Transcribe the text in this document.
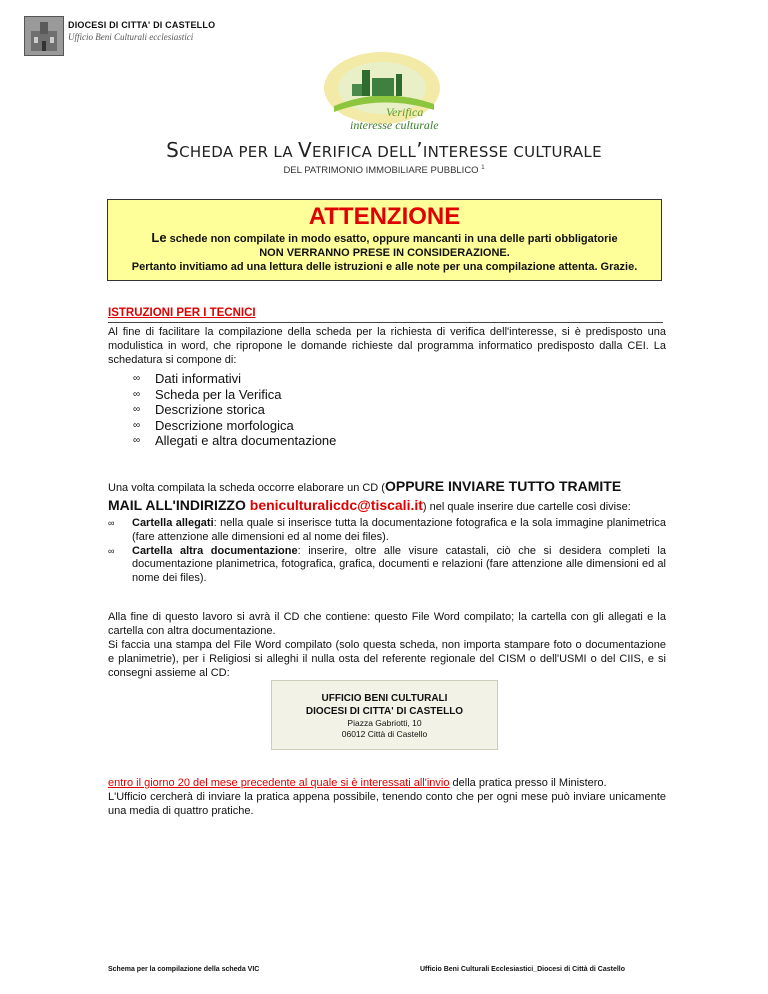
DIOCESI DI CITTA' DI CASTELLO
Ufficio Beni Culturali ecclesiastici
Verifica
interesse culturale
SCHEDA PER LA VERIFICA DELL’INTERESSE CULTURALE
DEL PATRIMONIO IMMOBILIARE PUBBLICO $^1$
ATTENZIONE
Le schede non compilate in modo esatto, oppure mancanti in una delle parti obbligatorie
NON VERRANNO PRESE IN CONSIDERAZIONE.
Pertanto invitiamo ad una lettura delle istruzioni e alle note per una compilazione attenta. Grazie.
ISTRUZIONI PER I TECNICI
Al fine di facilitare la compilazione della scheda per la richiesta di verifica dell'interesse, si è predisposto una modulistica in word, che ripropone le domande richieste dal programma informatico predisposto dalla CEI. La schedatura si compone di:
∞ Dati informativi
∞ Scheda per la Verifica
∞ Descrizione storica
∞ Descrizione morfologica
∞ Allegati e altra documentazione
Una volta compilata la scheda occorre elaborare un CD (OPPURE INVIARE TUTTO TRAMITE
MAIL ALL'INDIRIZZO beniculturalicdc@tiscali.it) nel quale inserire due cartelle così divise:
∞ Cartella allegati: nella quale si inserisce tutta la documentazione fotografica e la sola immagine planimetrica (fare attenzione alle dimensioni ed al nome dei files).
∞ Cartella altra documentazione: inserire, oltre alle visure catastali, ciò che si desidera completi la documentazione planimetrica, fotografica, grafica, documenti e relazioni (fare attenzione alle dimensioni ed al nome dei files).
Alla fine di questo lavoro si avrà il CD che contiene: questo File Word compilato; la cartella con gli allegati e la cartella con altra documentazione.
Si faccia una stampa del File Word compilato (solo questa scheda, non importa stampare foto o documentazione e planimetrie), per i Religiosi si alleghi il nulla osta del referente regionale del CISM o dell'USMI o del CIIS, e si consegni assieme al CD:
UFFICIO BENI CULTURALI
DIOCESI DI CITTA' DI CASTELLO
Piazza Gabriotti, 10
06012 Città di Castello
entro il giorno 20 del mese precedente al quale si è interessati all'invio della pratica presso il Ministero.
L'Ufficio cercherà di inviare la pratica appena possibile, tenendo conto che per ogni mese può inviare unicamente una media di quattro pratiche.
Schema per la compilazione della scheda VIC	Ufficio Beni Culturali Ecclesiastici_Diocesi di Città di Castello
